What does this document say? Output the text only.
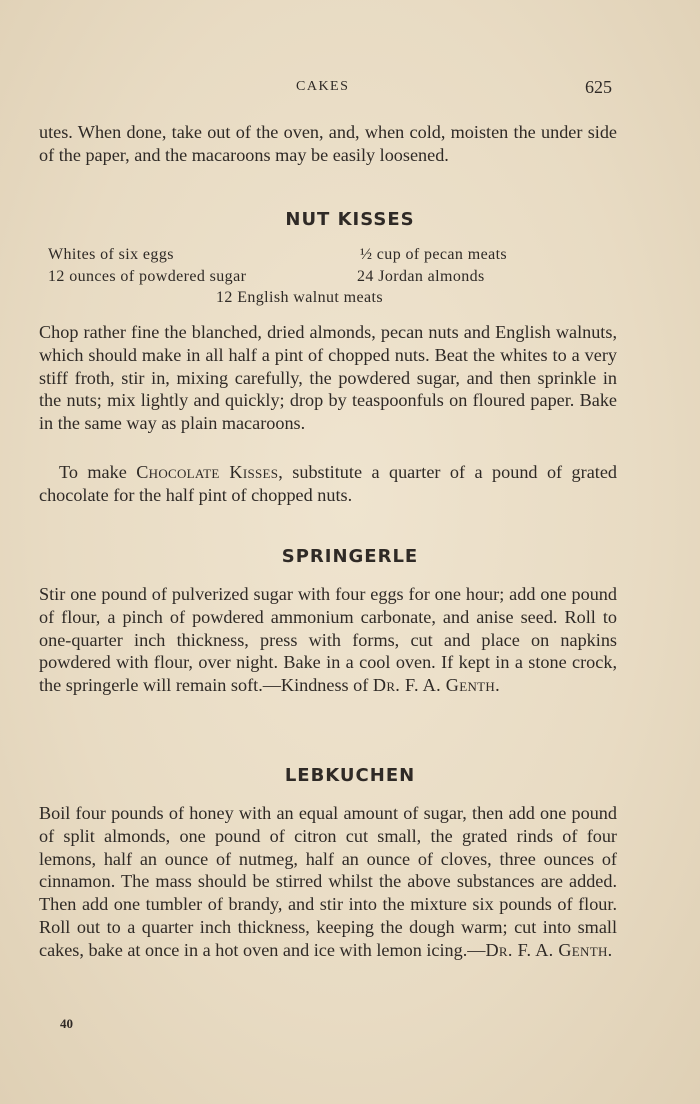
CAKES	625

utes. When done, take out of the oven, and, when cold, moisten the under side of the paper, and the macaroons may be easily loosened.

NUT KISSES
Whites of six eggs	½ cup of pecan meats
12 ounces of powdered sugar	24 Jordan almonds
12 English walnut meats

Chop rather fine the blanched, dried almonds, pecan nuts and English walnuts, which should make in all half a pint of chopped nuts. Beat the whites to a very stiff froth, stir in, mixing carefully, the powdered sugar, and then sprinkle in the nuts; mix lightly and quickly; drop by teaspoonfuls on floured paper. Bake in the same way as plain macaroons.

To make Chocolate Kisses, substitute a quarter of a pound of grated chocolate for the half pint of chopped nuts.

SPRINGERLE

Stir one pound of pulverized sugar with four eggs for one hour; add one pound of flour, a pinch of powdered ammonium carbonate, and anise seed. Roll to one-quarter inch thickness, press with forms, cut and place on napkins powdered with flour, over night. Bake in a cool oven. If kept in a stone crock, the springerle will remain soft.—Kindness of Dr. F. A. Genth.

LEBKUCHEN

Boil four pounds of honey with an equal amount of sugar, then add one pound of split almonds, one pound of citron cut small, the grated rinds of four lemons, half an ounce of nutmeg, half an ounce of cloves, three ounces of cinnamon. The mass should be stirred whilst the above substances are added. Then add one tumbler of brandy, and stir into the mixture six pounds of flour. Roll out to a quarter inch thickness, keeping the dough warm; cut into small cakes, bake at once in a hot oven and ice with lemon icing.—Dr. F. A. Genth.

40
